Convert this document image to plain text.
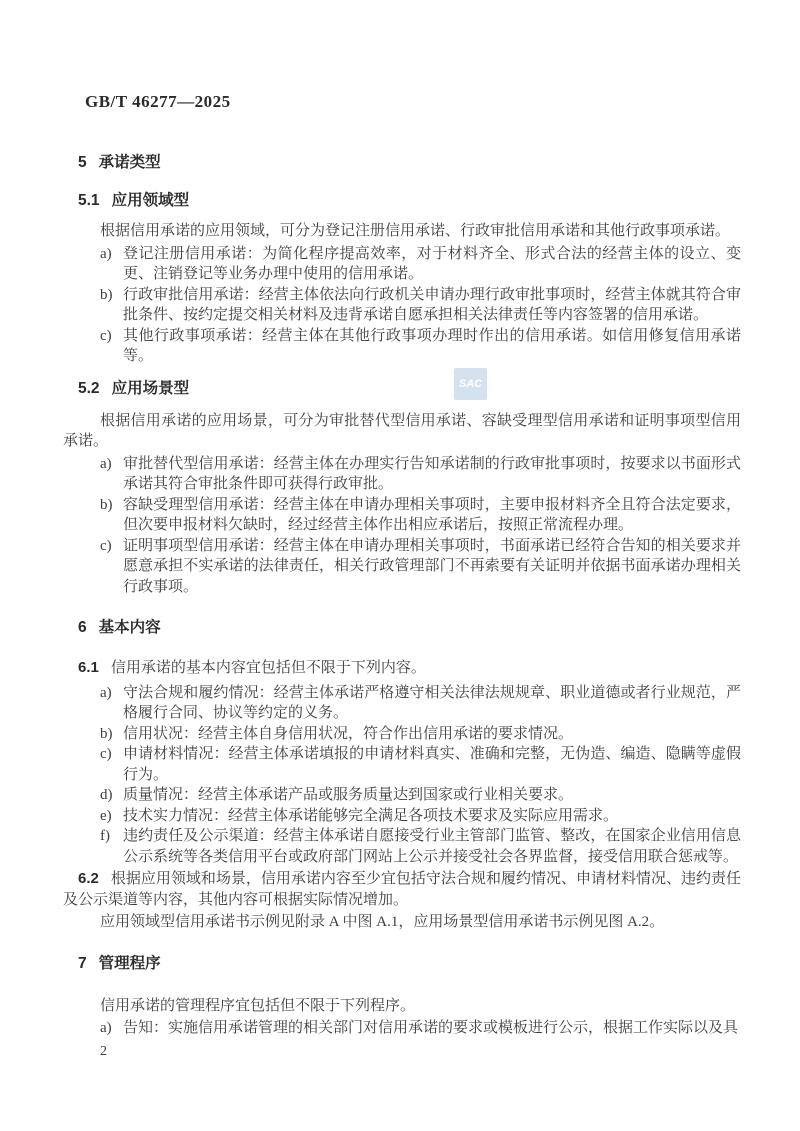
SAC
GB/T 46277—2025
5 承诺类型
5.1 应用领域型

根据信用承诺的应用领域，可分为登记注册信用承诺、行政审批信用承诺和其他行政事项承诺。

a) 登记注册信用承诺：为简化程序提高效率，对于材料齐全、形式合法的经营主体的设立、变更、注销登记等业务办理中使用的信用承诺。
b) 行政审批信用承诺：经营主体依法向行政机关申请办理行政审批事项时，经营主体就其符合审批条件、按约定提交相关材料及违背承诺自愿承担相关法律责任等内容签署的信用承诺。
c) 其他行政事项承诺：经营主体在其他行政事项办理时作出的信用承诺。如信用修复信用承诺等。
5.2 应用场景型

根据信用承诺的应用场景，可分为审批替代型信用承诺、容缺受理型信用承诺和证明事项型信用承诺。

a) 审批替代型信用承诺：经营主体在办理实行告知承诺制的行政审批事项时，按要求以书面形式承诺其符合审批条件即可获得行政审批。
b) 容缺受理型信用承诺：经营主体在申请办理相关事项时，主要申报材料齐全且符合法定要求，但次要申报材料欠缺时，经过经营主体作出相应承诺后，按照正常流程办理。
c) 证明事项型信用承诺：经营主体在申请办理相关事项时，书面承诺已经符合告知的相关要求并愿意承担不实承诺的法律责任，相关行政管理部门不再索要有关证明并依据书面承诺办理相关行政事项。
6 基本内容

6.1 信用承诺的基本内容宜包括但不限于下列内容。

a) 守法合规和履约情况：经营主体承诺严格遵守相关法律法规规章、职业道德或者行业规范，严格履行合同、协议等约定的义务。
b) 信用状况：经营主体自身信用状况，符合作出信用承诺的要求情况。
c) 申请材料情况：经营主体承诺填报的申请材料真实、准确和完整，无伪造、编造、隐瞒等虚假行为。
d) 质量情况：经营主体承诺产品或服务质量达到国家或行业相关要求。
e) 技术实力情况：经营主体承诺能够完全满足各项技术要求及实际应用需求。
f) 违约责任及公示渠道：经营主体承诺自愿接受行业主管部门监管、整改，在国家企业信用信息公示系统等各类信用平台或政府部门网站上公示并接受社会各界监督，接受信用联合惩戒等。

6.2 根据应用领域和场景，信用承诺内容至少宜包括守法合规和履约情况、申请材料情况、违约责任及公示渠道等内容，其他内容可根据实际情况增加。

应用领域型信用承诺书示例见附录 A 中图 A.1，应用场景型信用承诺书示例见图 A.2。

7 管理程序

信用承诺的管理程序宜包括但不限于下列程序。

a) 告知：实施信用承诺管理的相关部门对信用承诺的要求或模板进行公示，根据工作实际以及具
2
